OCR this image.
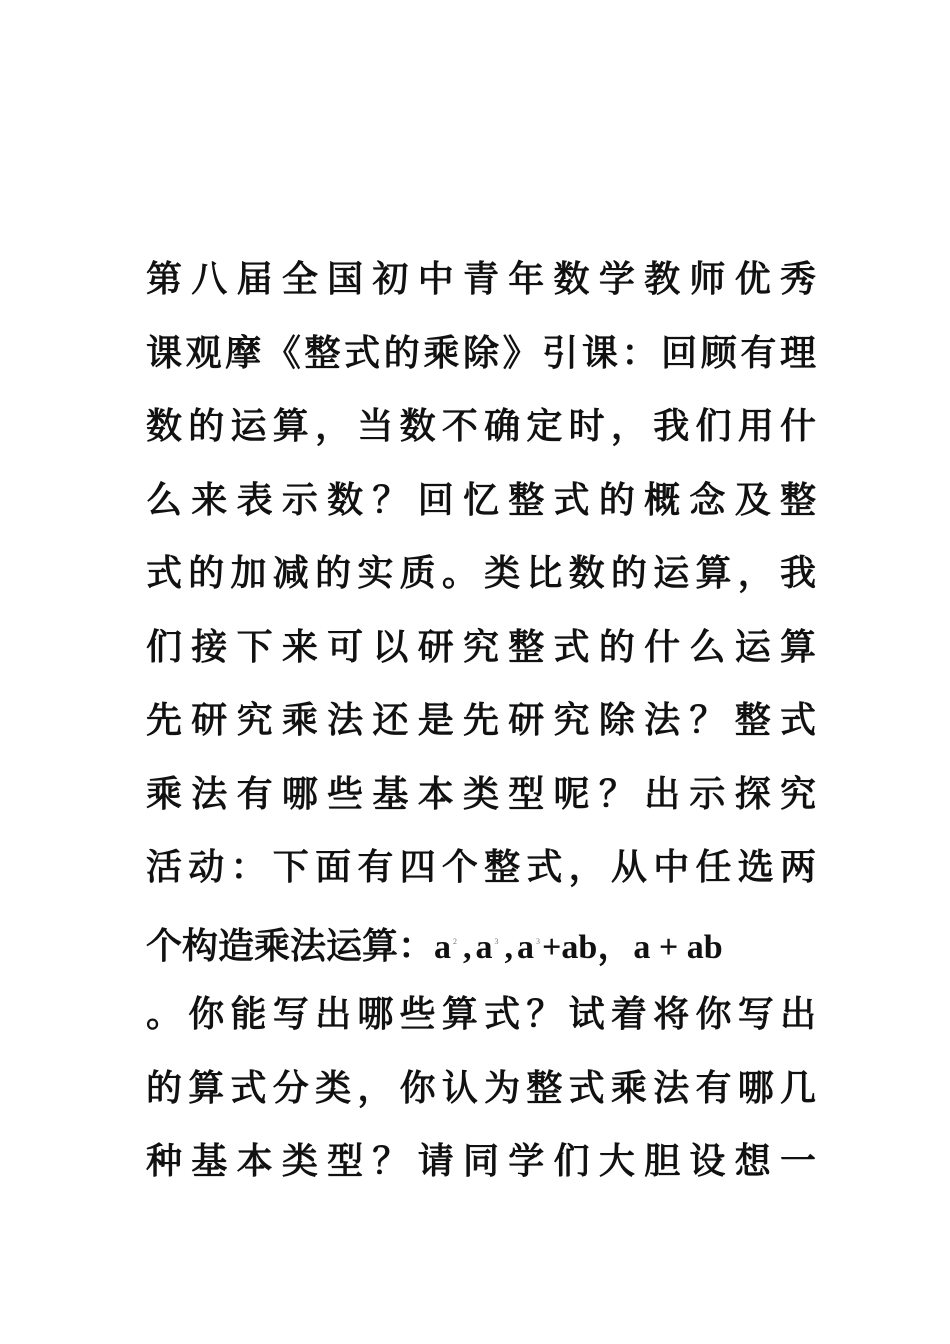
第八届全国初中青年数学教师优秀
课观摩《整式的乘除》引课：回顾有理
数的运算，当数不确定时，我们用什
么来表示数？回忆整式的概念及整
式的加减的实质。类比数的运算，我
们接下来可以研究整式的什么运算
先研究乘法还是先研究除法？整式
乘法有哪些基本类型呢？出示探究
活动：下面有四个整式，从中任选两
个构造乘法运算： a $^2$ , a $^3$ , a $^3$+ab ， a + ab
。你能写出哪些算式？试着将你写出
的算式分类，你认为整式乘法有哪几
种基本类型？请同学们大胆设想一
